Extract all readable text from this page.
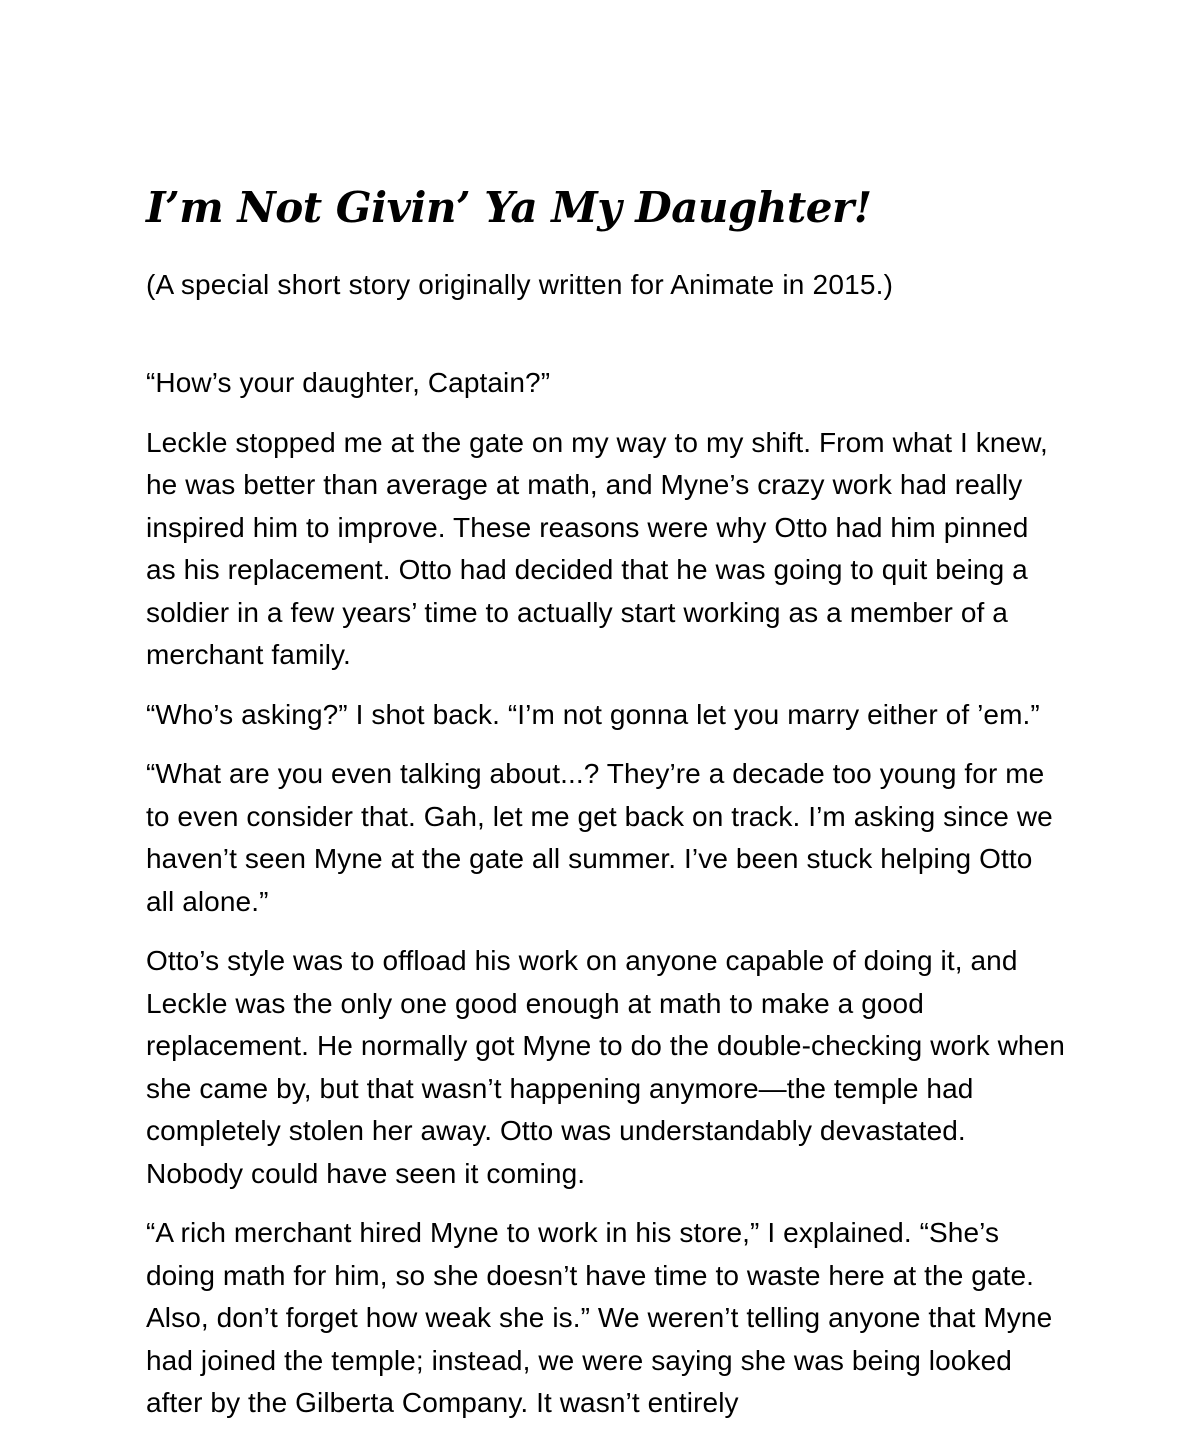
I’m Not Givin’ Ya My Daughter!

(A special short story originally written for Animate in 2015.)

“How’s your daughter, Captain?”

Leckle stopped me at the gate on my way to my shift. From what I knew, he was better than average at math, and Myne’s crazy work had really inspired him to improve. These reasons were why Otto had him pinned as his replacement. Otto had decided that he was going to quit being a soldier in a few years’ time to actually start working as a member of a merchant family.

“Who’s asking?” I shot back. “I’m not gonna let you marry either of ’em.”

“What are you even talking about...? They’re a decade too young for me to even consider that. Gah, let me get back on track. I’m asking since we haven’t seen Myne at the gate all summer. I’ve been stuck helping Otto all alone.”

Otto’s style was to offload his work on anyone capable of doing it, and Leckle was the only one good enough at math to make a good replacement. He normally got Myne to do the double-checking work when she came by, but that wasn’t happening anymore—the temple had completely stolen her away. Otto was understandably devastated. Nobody could have seen it coming.

“A rich merchant hired Myne to work in his store,” I explained. “She’s doing math for him, so she doesn’t have time to waste here at the gate. Also, don’t forget how weak she is.” We weren’t telling anyone that Myne had joined the temple; instead, we were saying she was being looked after by the Gilberta Company. It wasn’t entirely
